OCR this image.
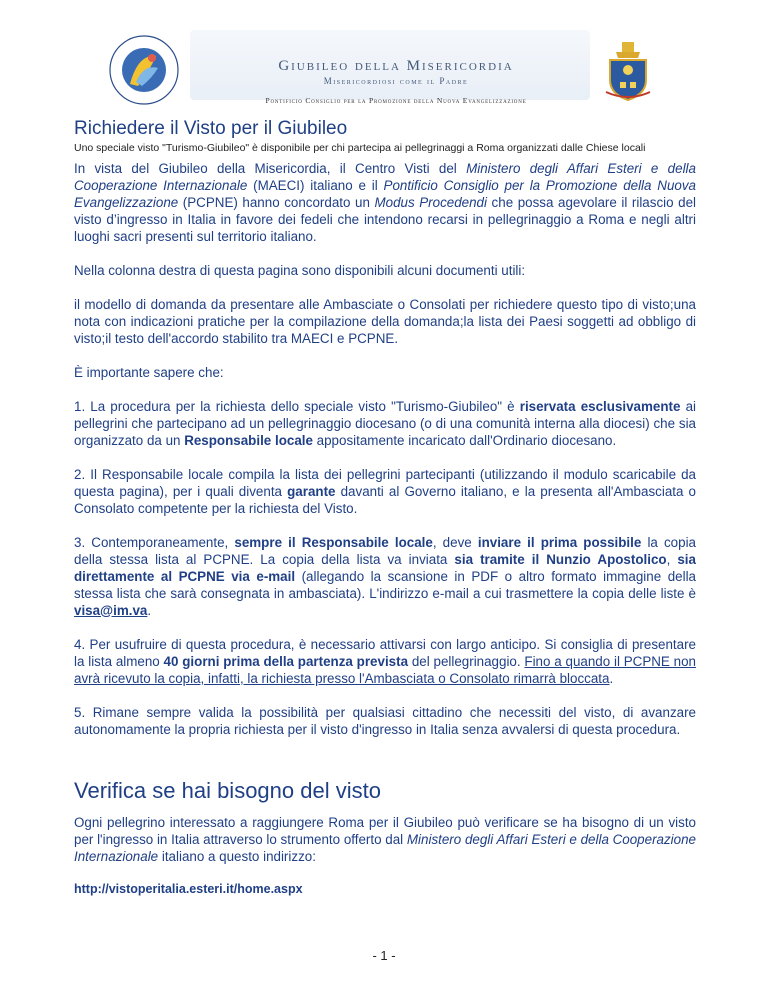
Giubileo della Misericordia
Misericordiosi come il Padre
Pontificio Consiglio per la Promozione della Nuova Evangelizzazione
Richiedere il Visto per il Giubileo
Uno speciale visto "Turismo-Giubileo" è disponibile per chi partecipa ai pellegrinaggi a Roma organizzati dalle Chiese locali

In vista del Giubileo della Misericordia, il Centro Visti del Ministero degli Affari Esteri e della Cooperazione Internazionale (MAECI) italiano e il Pontificio Consiglio per la Promozione della Nuova Evangelizzazione (PCPNE) hanno concordato un Modus Procedendi che possa agevolare il rilascio del visto d’ingresso in Italia in favore dei fedeli che intendono recarsi in pellegrinaggio a Roma e negli altri luoghi sacri presenti sul territorio italiano.

Nella colonna destra di questa pagina sono disponibili alcuni documenti utili:

il modello di domanda da presentare alle Ambasciate o Consolati per richiedere questo tipo di visto;una nota con indicazioni pratiche per la compilazione della domanda;la lista dei Paesi soggetti ad obbligo di visto;il testo dell'accordo stabilito tra MAECI e PCPNE.

È importante sapere che:

1. La procedura per la richiesta dello speciale visto "Turismo-Giubileo" è riservata esclusivamente ai pellegrini che partecipano ad un pellegrinaggio diocesano (o di una comunità interna alla diocesi) che sia organizzato da un Responsabile locale appositamente incaricato dall'Ordinario diocesano.

2. Il Responsabile locale compila la lista dei pellegrini partecipanti (utilizzando il modulo scaricabile da questa pagina), per i quali diventa garante davanti al Governo italiano, e la presenta all'Ambasciata o Consolato competente per la richiesta del Visto.

3. Contemporaneamente, sempre il Responsabile locale, deve inviare il prima possibile la copia della stessa lista al PCPNE. La copia della lista va inviata sia tramite il Nunzio Apostolico, sia direttamente al PCPNE via e-mail (allegando la scansione in PDF o altro formato immagine della stessa lista che sarà consegnata in ambasciata). L'indirizzo e-mail a cui trasmettere la copia delle liste è visa@im.va.

4. Per usufruire di questa procedura, è necessario attivarsi con largo anticipo. Si consiglia di presentare la lista almeno 40 giorni prima della partenza prevista del pellegrinaggio. Fino a quando il PCPNE non avrà ricevuto la copia, infatti, la richiesta presso l'Ambasciata o Consolato rimarrà bloccata.

5. Rimane sempre valida la possibilità per qualsiasi cittadino che necessiti del visto, di avanzare autonomamente la propria richiesta per il visto d'ingresso in Italia senza avvalersi di questa procedura.

Verifica se hai bisogno del visto

Ogni pellegrino interessato a raggiungere Roma per il Giubileo può verificare se ha bisogno di un visto per l'ingresso in Italia attraverso lo strumento offerto dal Ministero degli Affari Esteri e della Cooperazione Internazionale italiano a questo indirizzo:

http://vistoperitalia.esteri.it/home.aspx
- 1 -
